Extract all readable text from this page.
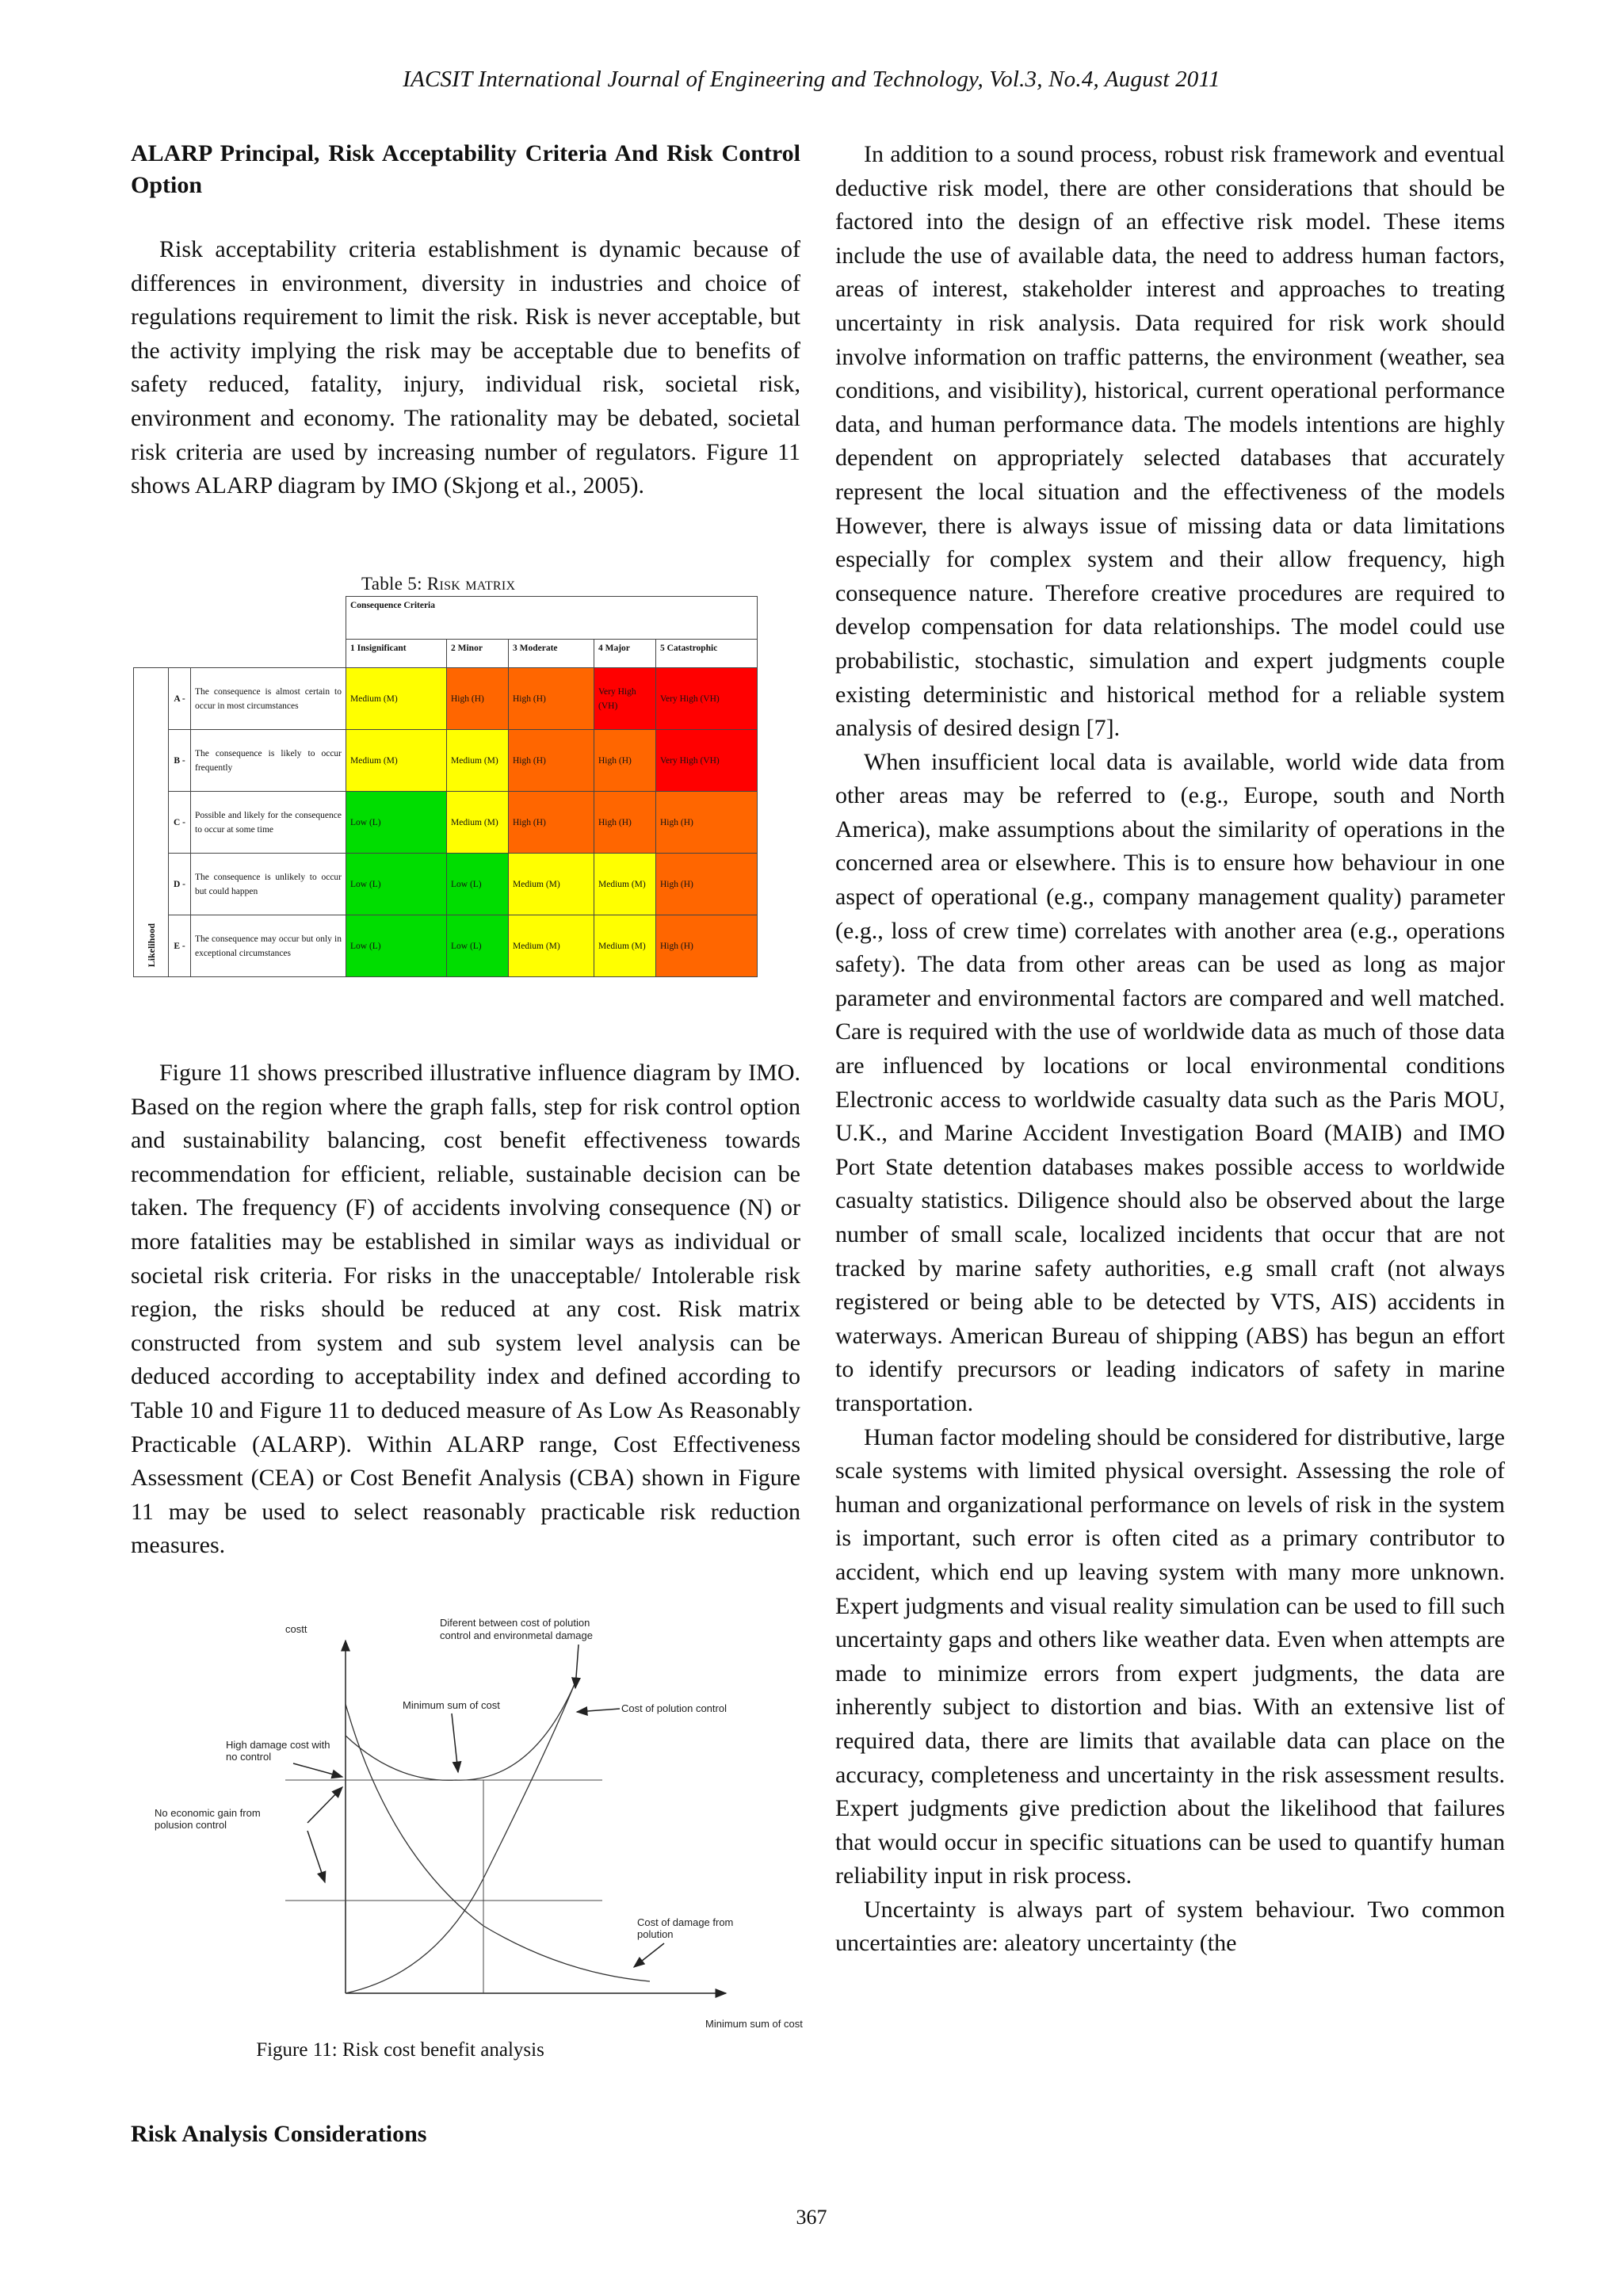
IACSIT International Journal of Engineering and Technology, Vol.3, No.4, August 2011
ALARP Principal, Risk Acceptability Criteria And Risk Control Option

Risk acceptability criteria establishment is dynamic because of differences in environment, diversity in industries and choice of regulations requirement to limit the risk. Risk is never acceptable, but the activity implying the risk may be acceptable due to benefits of safety reduced, fatality, injury, individual risk, societal risk, environment and economy. The rationality may be debated, societal risk criteria are used by increasing number of regulators. Figure 11 shows ALARP diagram by IMO (Skjong et al., 2005).

Table 5: Risk matrix
			Consequence Criteria				
			1 Insignificant	2 Minor	3 Moderate	4 Major	5 Catastrophic
Likelihood	A -	The consequence is almost certain to occur in most circumstances	Medium (M)	High (H)	High (H)	Very High (VH)	Very High (VH)
	B -	The consequence is likely to occur frequently	Medium (M)	Medium (M)	High (H)	High (H)	Very High (VH)
	C -	Possible and likely for the consequence to occur at some time	Low (L)	Medium (M)	High (H)	High (H)	High (H)
	D -	The consequence is unlikely to occur but could happen	Low (L)	Low (L)	Medium (M)	Medium (M)	High (H)
	E -	The consequence may occur but only in exceptional circumstances	Low (L)	Low (L)	Medium (M)	Medium (M)	High (H)

Figure 11 shows prescribed illustrative influence diagram by IMO. Based on the region where the graph falls, step for risk control option and sustainability balancing, cost benefit effectiveness towards recommendation for efficient, reliable, sustainable decision can be taken. The frequency (F) of accidents involving consequence (N) or more fatalities may be established in similar ways as individual or societal risk criteria. For risks in the unacceptable/ Intolerable risk region, the risks should be reduced at any cost. Risk matrix constructed from system and sub system level analysis can be deduced according to acceptability index and defined according to Table 10 and Figure 11 to deduced measure of As Low As Reasonably Practicable (ALARP). Within ALARP range, Cost Effectiveness Assessment (CEA) or Cost Benefit Analysis (CBA) shown in Figure 11 may be used to select reasonably practicable risk reduction measures.

costt
Minimum sum of cost
Diferent between cost of polution
control and environmetal damage
Minimum sum of cost	Cost of polution control
High damage cost with
no control
No economic gain from
polusion control
Cost of damage from
polution
Figure 11: Risk cost benefit analysis
Risk Analysis Considerations

In addition to a sound process, robust risk framework and eventual deductive risk model, there are other considerations that should be factored into the design of an effective risk model. These items include the use of available data, the need to address human factors, areas of interest, stakeholder interest and approaches to treating uncertainty in risk analysis. Data required for risk work should involve information on traffic patterns, the environment (weather, sea conditions, and visibility), historical, current operational performance data, and human performance data. The models intentions are highly dependent on appropriately selected databases that accurately represent the local situation and the effectiveness of the models However, there is always issue of missing data or data limitations especially for complex system and their allow frequency, high consequence nature. Therefore creative procedures are required to develop compensation for data relationships. The model could use probabilistic, stochastic, simulation and expert judgments couple existing deterministic and historical method for a reliable system analysis of desired design [7].

When insufficient local data is available, world wide data from other areas may be referred to (e.g., Europe, south and North America), make assumptions about the similarity of operations in the concerned area or elsewhere. This is to ensure how behaviour in one aspect of operational (e.g., company management quality) parameter (e.g., loss of crew time) correlates with another area (e.g., operations safety). The data from other areas can be used as long as major parameter and environmental factors are compared and well matched. Care is required with the use of worldwide data as much of those data are influenced by locations or local environmental conditions Electronic access to worldwide casualty data such as the Paris MOU, U.K., and Marine Accident Investigation Board (MAIB) and IMO Port State detention databases makes possible access to worldwide casualty statistics. Diligence should also be observed about the large number of small scale, localized incidents that occur that are not tracked by marine safety authorities, e.g small craft (not always registered or being able to be detected by VTS, AIS) accidents in waterways. American Bureau of shipping (ABS) has begun an effort to identify precursors or leading indicators of safety in marine transportation.

Human factor modeling should be considered for distributive, large scale systems with limited physical oversight. Assessing the role of human and organizational performance on levels of risk in the system is important, such error is often cited as a primary contributor to accident, which end up leaving system with many more unknown. Expert judgments and visual reality simulation can be used to fill such uncertainty gaps and others like weather data. Even when attempts are made to minimize errors from expert judgments, the data are inherently subject to distortion and bias. With an extensive list of required data, there are limits that available data can place on the accuracy, completeness and uncertainty in the risk assessment results. Expert judgments give prediction about the likelihood that failures that would occur in specific situations can be used to quantify human reliability input in risk process.

Uncertainty is always part of system behaviour. Two common uncertainties are: aleatory uncertainty (the

367
